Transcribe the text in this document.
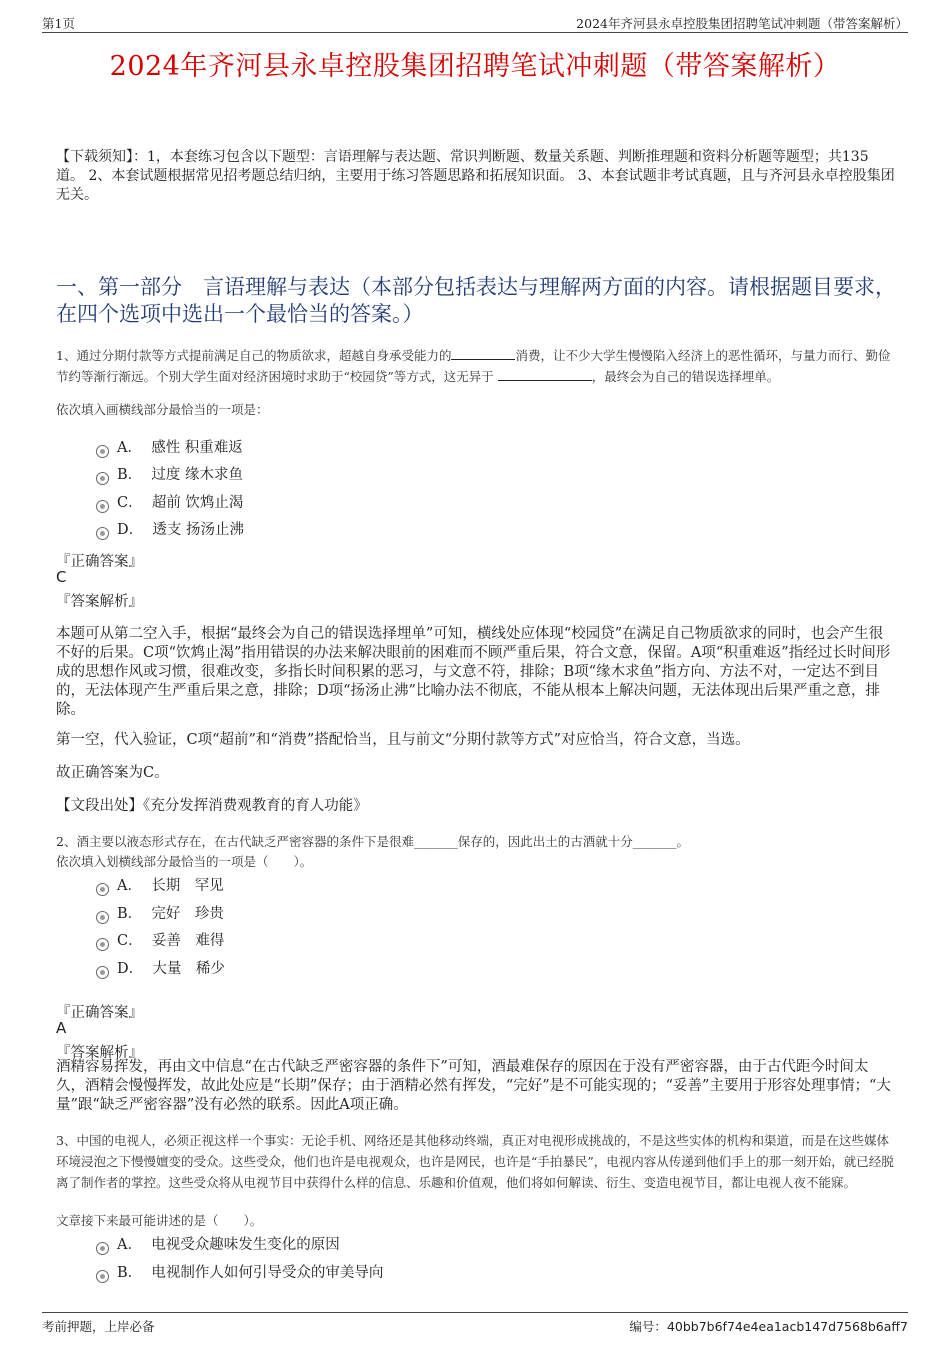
第1页	2024年齐河县永卓控股集团招聘笔试冲刺题（带答案解析）
2024年齐河县永卓控股集团招聘笔试冲刺题（带答案解析）
【下载须知】：1，本套练习包含以下题型：言语理解与表达题、常识判断题、数量关系题、判断推理题和资料分析题等题型；共135道。 2、本套试题根据常见招考题总结归纳，主要用于练习答题思路和拓展知识面。 3、本套试题非考试真题，且与齐河县永卓控股集团无关。
一、第一部分　言语理解与表达（本部分包括表达与理解两方面的内容。请根据题目要求，在四个选项中选出一个最恰当的答案。）
1、通过分期付款等方式提前满足自己的物质欲求，超越自身承受能力的	消费，让不少大学生慢慢陷入经济上的恶性循环，与量力而行、勤俭节约等渐行渐远。个别大学生面对经济困境时求助于“校园贷”等方式，这无异于	，最终会为自己的错误选择埋单。
依次填入画横线部分最恰当的一项是：
A． 感性 积重难返
B． 过度 缘木求鱼
C． 超前 饮鸩止渴
D． 透支 扬汤止沸
『正确答案』
C
『答案解析』
本题可从第二空入手，根据“最终会为自己的错误选择埋单”可知，横线处应体现“校园贷”在满足自己物质欲求的同时，也会产生很不好的后果。C项“饮鸩止渴”指用错误的办法来解决眼前的困难而不顾严重后果，符合文意，保留。A项“积重难返”指经过长时间形成的思想作风或习惯，很难改变，多指长时间积累的恶习，与文意不符，排除；B项“缘木求鱼”指方向、方法不对，一定达不到目的，无法体现产生严重后果之意，排除；D项“扬汤止沸”比喻办法不彻底，不能从根本上解决问题，无法体现出后果严重之意，排除。
第一空，代入验证，C项“超前”和“消费”搭配恰当，且与前文“分期付款等方式”对应恰当，符合文意，当选。
故正确答案为C。
【文段出处】《充分发挥消费观教育的育人功能》
2、酒主要以液态形式存在，在古代缺乏严密容器的条件下是很难_______保存的，因此出土的古酒就十分_______。
依次填入划横线部分最恰当的一项是（　　）。
A． 长期　罕见
B． 完好　珍贵
C． 妥善　难得
D． 大量　稀少
『正确答案』
A
『答案解析』
酒精容易挥发，再由文中信息“在古代缺乏严密容器的条件下”可知，酒最难保存的原因在于没有严密容器，由于古代距今时间太久，酒精会慢慢挥发，故此处应是“长期”保存；由于酒精必然有挥发，“完好”是不可能实现的；“妥善”主要用于形容处理事情；“大量”跟“缺乏严密容器”没有必然的联系。因此A项正确。
3、中国的电视人，必须正视这样一个事实：无论手机、网络还是其他移动终端，真正对电视形成挑战的，不是这些实体的机构和渠道，而是在这些媒体环境浸泡之下慢慢嬗变的受众。这些受众，他们也许是电视观众，也许是网民，也许是“手拍暴民”，电视内容从传递到他们手上的那一刻开始，就已经脱离了制作者的掌控。这些受众将从电视节目中获得什么样的信息、乐趣和价值观，他们将如何解读、衍生、变造电视节目，都让电视人夜不能寐。
文章接下来最可能讲述的是（　　）。
A． 电视受众趣味发生变化的原因
B． 电视制作人如何引导受众的审美导向
考前押题，上岸必备	编号：40bb7b6f74e4ea1acb147d7568b6aff7
